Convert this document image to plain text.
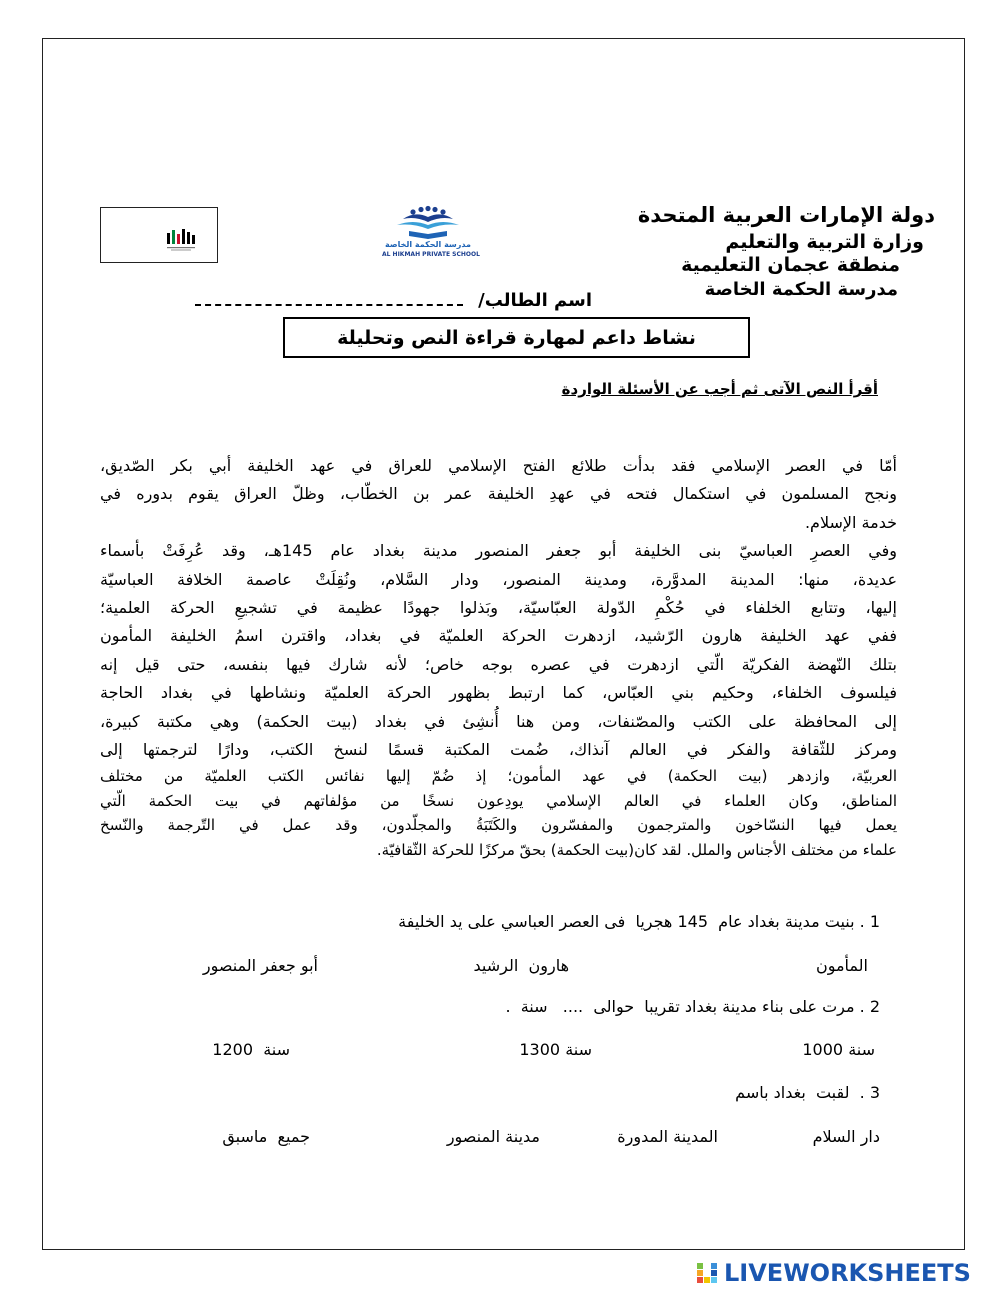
مدرسة الحكمة الخاصة
AL HIKMAH PRIVATE SCHOOL
دولة الإمارات العربية المتحدة
وزارة التربية والتعليم
منطقة عجمان التعليمية
مدرسة الحكمة الخاصة
اسم الطالب/
نشاط داعم لمهارة قراءة النص وتحليلة
أقرأ النص الآتى ثم أجب عن الأسئلة الواردة
أمّا في العصر الإسلامي فقد بدأت طلائع الفتح الإسلامي للعراق في عهد الخليفة أبي بكر الصّديق،
ونجح المسلمون في استكمال فتحه في عهدِ الخليفة عمر بن الخطّاب، وظلّ العراق يقوم بدوره في
خدمة الإسلام.
وفي العصرِ العباسيّ بنى الخليفة أبو جعفر المنصور مدينة بغداد عام 145هـ، وقد عُرِفَتْ بأسماء
عديدة، منها: المدينة المدوَّرة، ومدينة المنصور، ودار السَّلام، ونُقِلَتْ عاصمة الخلافة العباسيّة
إليها، وتتابع الخلفاء في حُكْمِ الدّولة العبّاسيّة، وبَذلوا جهودًا عظيمة في تشجيعِ الحركة العلمية؛
ففي عهد الخليفة هارون الرّشيد، ازدهرت الحركة العلميّة في بغداد، واقترن اسمُ الخليفة المأمون
بتلك النّهضة الفكريّة الّتي ازدهرت في عصره بوجه خاص؛ لأنه شارك فيها بنفسه، حتى قيل إنه
فيلسوف الخلفاء، وحكيم بني العبّاس، كما ارتبط بظهور الحركة العلميّة ونشاطها في بغداد الحاجة
إلى المحافظة على الكتب والمصّنفات، ومن هنا أُنشِئ في بغداد (بيت الحكمة) وهي مكتبة كبيرة،
ومركز للثّقافة والفكر في العالم آنذاك، ضُمت المكتبة قسمًا لنسخ الكتب، ودارًا لترجمتها إلى
العربيّة، وازدهر (بيت الحكمة) في عهد المأمون؛ إذ ضُمّ إليها نفائس الكتب العلميّة من مختلف
المناطق، وكان العلماء في العالم الإسلامي يودِعون نسخًا من مؤلفاتهم في بيت الحكمة الّتي
يعمل فيها النسّاخون والمترجمون والمفسّرون والكَتَبَةُ والمجلّدون، وقد عمل في التّرجمة والنّسخ
علماء من مختلف الأجناس والملل. لقد كان(بيت الحكمة) بحقّ مركزًا للحركة الثّقافيّة.
1 . بنيت مدينة بغداد عام  145 هجريا  فى العصر العباسي على يد الخليفة
المأمون
هارون  الرشيد
أبو جعفر المنصور
2 . مرت على بناء مدينة بغداد تقريبا  حوالى  ....   سنة  .
1000 سنة
1300 سنة
1200  سنة
3 .  لقبت  بغداد باسم
دار السلام
المدينة المدورة
مدينة المنصور
جميع  ماسبق
LIVEWORKSHEETS
